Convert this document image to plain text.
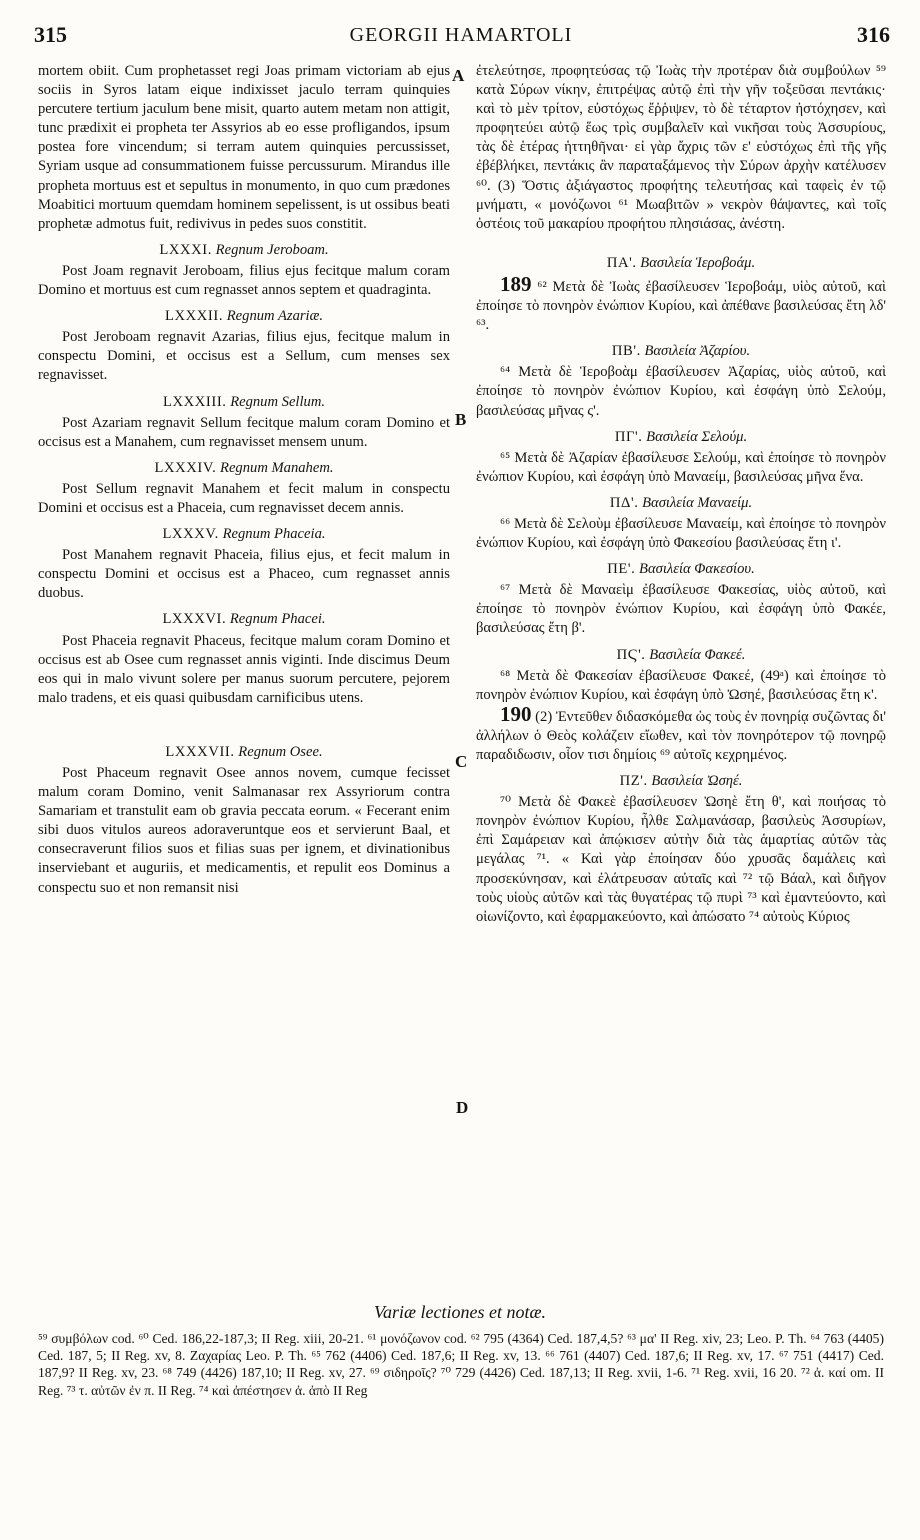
315	GEORGII HAMARTOLI	316
A
B
C
D

mortem obiit. Cum prophetasset regi Joas primam victoriam ab ejus sociis in Syros latam eique indixisset jaculo terram quinquies percutere tertium jaculum bene misit, quarto autem metam non attigit, tunc prædixit ei propheta ter Assyrios ab eo esse profligandos, ipsum postea fore vincendum; si terram autem quinquies percussisset, Syriam usque ad consummationem fuisse percussurum. Mirandus ille propheta mortuus est et sepultus in monumento, in quo cum prædones Moabitici mortuum quemdam hominem sepelissent, is ut ossibus beati prophetæ admotus fuit, redivivus in pedes suos constitit.

LXXXI. Regnum Jeroboam.

Post Joam regnavit Jeroboam, filius ejus fecitque malum coram Domino et mortuus est cum regnasset annos septem et quadraginta.

LXXXII. Regnum Azariæ.

Post Jeroboam regnavit Azarias, filius ejus, fecitque malum in conspectu Domini, et occisus est a Sellum, cum menses sex regnavisset.

LXXXIII. Regnum Sellum.

Post Azariam regnavit Sellum fecitque malum coram Domino et occisus est a Manahem, cum regnavisset mensem unum.

LXXXIV. Regnum Manahem.

Post Sellum regnavit Manahem et fecit malum in conspectu Domini et occisus est a Phaceia, cum regnavisset decem annis.

LXXXV. Regnum Phaceia.

Post Manahem regnavit Phaceia, filius ejus, et fecit malum in conspectu Domini et occisus est a Phaceo, cum regnasset annis duobus.

LXXXVI. Regnum Phacei.

Post Phaceia regnavit Phaceus, fecitque malum coram Domino et occisus est ab Osee cum regnasset annis viginti. Inde discimus Deum eos qui in malo vivunt solere per manus suorum percutere, pejorem malo tradens, et eis quasi quibusdam carnificibus utens.

LXXXVII. Regnum Osee.

Post Phaceum regnavit Osee annos novem, cumque fecisset malum coram Domino, venit Salmanasar rex Assyriorum contra Samariam et transtulit eam ob gravia peccata eorum. « Fecerant enim sibi duos vitulos aureos adoraveruntque eos et servierunt Baal, et consecraverunt filios suos et filias suas per ignem, et divinationibus inserviebant et auguriis, et medicamentis, et repulit eos Dominus a conspectu suo et non remansit nisi

ἐτελεύτησε, προφητεύσας τῷ Ἰωὰς τὴν προτέραν διὰ συμβούλων ⁵⁹ κατὰ Σύρων νίκην, ἐπιτρέψας αὐτῷ ἐπὶ τὴν γῆν τοξεῦσαι πεντάκις· καὶ τὸ μὲν τρίτον, εὐστόχως ἔῤῥιψεν, τὸ δὲ τέταρτον ἠστόχησεν, καὶ προφητεύει αὐτῷ ἕως τρὶς συμβαλεῖν καὶ νικῆσαι τοὺς Ἀσσυρίους, τὰς δὲ ἑτέρας ἡττηθῆναι· εἰ γὰρ ἄχρις τῶν ε' εὐστόχως ἐπὶ τῆς γῆς ἐβέβλήκει, πεντάκις ἂν παραταξάμενος τὴν Σύρων ἀρχὴν κατέλυσεν ⁶⁰. (3) Ὅστις ἀξιάγαστος προφήτης τελευτήσας καὶ ταφεὶς ἐν τῷ μνήματι, « μονόζωνοι ⁶¹ Μωαβιτῶν » νεκρὸν θάψαντες, καὶ τοῖς ὀστέοις τοῦ μακαρίου προφήτου πλησιάσας, ἀνέστη.

ΠΑ'. Βασιλεία Ἱεροβοάμ.

189 ⁶² Μετὰ δὲ Ἰωὰς ἐβασίλευσεν Ἱεροβοάμ, υἱὸς αὐτοῦ, καὶ ἐποίησε τὸ πονηρὸν ἐνώπιον Κυρίου, καὶ ἀπέθανε βασιλεύσας ἔτη λδ' ⁶³.

ΠΒ'. Βασιλεία Ἀζαρίου.

⁶⁴ Μετὰ δὲ Ἱεροβοὰμ ἐβασίλευσεν Ἀζαρίας, υἱὸς αὐτοῦ, καὶ ἐποίησε τὸ πονηρὸν ἐνώπιον Κυρίου, καὶ ἐσφάγη ὑπὸ Σελούμ, βασιλεύσας μῆνας ς'.

ΠΓ'. Βασιλεία Σελούμ.

⁶⁵ Μετὰ δὲ Ἀζαρίαν ἐβασίλευσε Σελούμ, καὶ ἐποίησε τὸ πονηρὸν ἐνώπιον Κυρίου, καὶ ἐσφάγη ὑπὸ Μαναείμ, βασιλεύσας μῆνα ἕνα.

ΠΔ'. Βασιλεία Μαναείμ.

⁶⁶ Μετὰ δὲ Σελοὺμ ἐβασίλευσε Μαναείμ, καὶ ἐποίησε τὸ πονηρὸν ἐνώπιον Κυρίου, καὶ ἐσφάγη ὑπὸ Φακεσίου βασιλεύσας ἔτη ι'.

ΠΕ'. Βασιλεία Φακεσίου.

⁶⁷ Μετὰ δὲ Μαναεὶμ ἐβασίλευσε Φακεσίας, υἱὸς αὐτοῦ, καὶ ἐποίησε τὸ πονηρὸν ἐνώπιον Κυρίου, καὶ ἐσφάγη ὑπὸ Φακέε, βασιλεύσας ἔτη β'.

ΠϚ'. Βασιλεία Φακεέ.

⁶⁸ Μετὰ δὲ Φακεσίαν ἐβασίλευσε Φακεέ, (49ᵃ) καὶ ἐποίησε τὸ πονηρὸν ἐνώπιον Κυρίου, καὶ ἐσφάγη ὑπὸ Ὠσηέ, βασιλεύσας ἔτη κ'.

190 (2) Ἐντεῦθεν διδασκόμεθα ὡς τοὺς ἐν πονηρίᾳ συζῶντας δι' ἀλλήλων ὁ Θεὸς κολάζειν εἴωθεν, καὶ τὸν πονηρότερον τῷ πονηρῷ παραδιδωσιν, οἷον τισι δημίοις ⁶⁹ αὐτοῖς κεχρημένος.

ΠΖ'. Βασιλεία Ὠσηέ.

⁷⁰ Μετὰ δὲ Φακεὲ ἐβασίλευσεν Ὠσηὲ ἔτη θ', καὶ ποιήσας τὸ πονηρὸν ἐνώπιον Κυρίου, ἦλθε Σαλμανάσαρ, βασιλεὺς Ἀσσυρίων, ἐπὶ Σαμάρειαν καὶ ἀπῴκισεν αὐτὴν διὰ τὰς ἁμαρτίας αὐτῶν τὰς μεγάλας ⁷¹. « Καὶ γὰρ ἐποίησαν δύο χρυσᾶς δαμάλεις καὶ προσεκύνησαν, καὶ ἐλάτρευσαν αὐταῖς καὶ ⁷² τῷ Βάαλ, καὶ διῆγον τοὺς υἱοὺς αὐτῶν καὶ τὰς θυγατέρας τῷ πυρὶ ⁷³ καὶ ἐμαντεύοντο, καὶ οἰωνίζοντο, καὶ ἐφαρμακεύοντο, καὶ ἀπώσατο ⁷⁴ αὐτοὺς Κύριος

Variæ lectiones et notæ.
⁵⁹ συμβόλων cod. ⁶⁰ Ced. 186,22-187,3; II Reg. xiii, 20-21. ⁶¹ μονόζωνον cod. ⁶² 795 (4364) Ced. 187,4,5? ⁶³ μα' II Reg. xiv, 23; Leo. P. Th. ⁶⁴ 763 (4405) Ced. 187, 5; II Reg. xv, 8. Ζαχαρίας Leo. P. Th. ⁶⁵ 762 (4406) Ced. 187,6; II Reg. xv, 13. ⁶⁶ 761 (4407) Ced. 187,6; II Reg. xv, 17. ⁶⁷ 751 (4417) Ced. 187,9? II Reg. xv, 23. ⁶⁸ 749 (4426) 187,10; II Reg. xv, 27. ⁶⁹ σιδηροῖς? ⁷⁰ 729 (4426) Ced. 187,13; II Reg. xvii, 1-6. ⁷¹ Reg. xvii, 16 20. ⁷² ἀ. καί om. II Reg. ⁷³ τ. αὐτῶν ἐν π. II Reg. ⁷⁴ καὶ ἀπέστησεν ἀ. ἀπὸ II Reg
